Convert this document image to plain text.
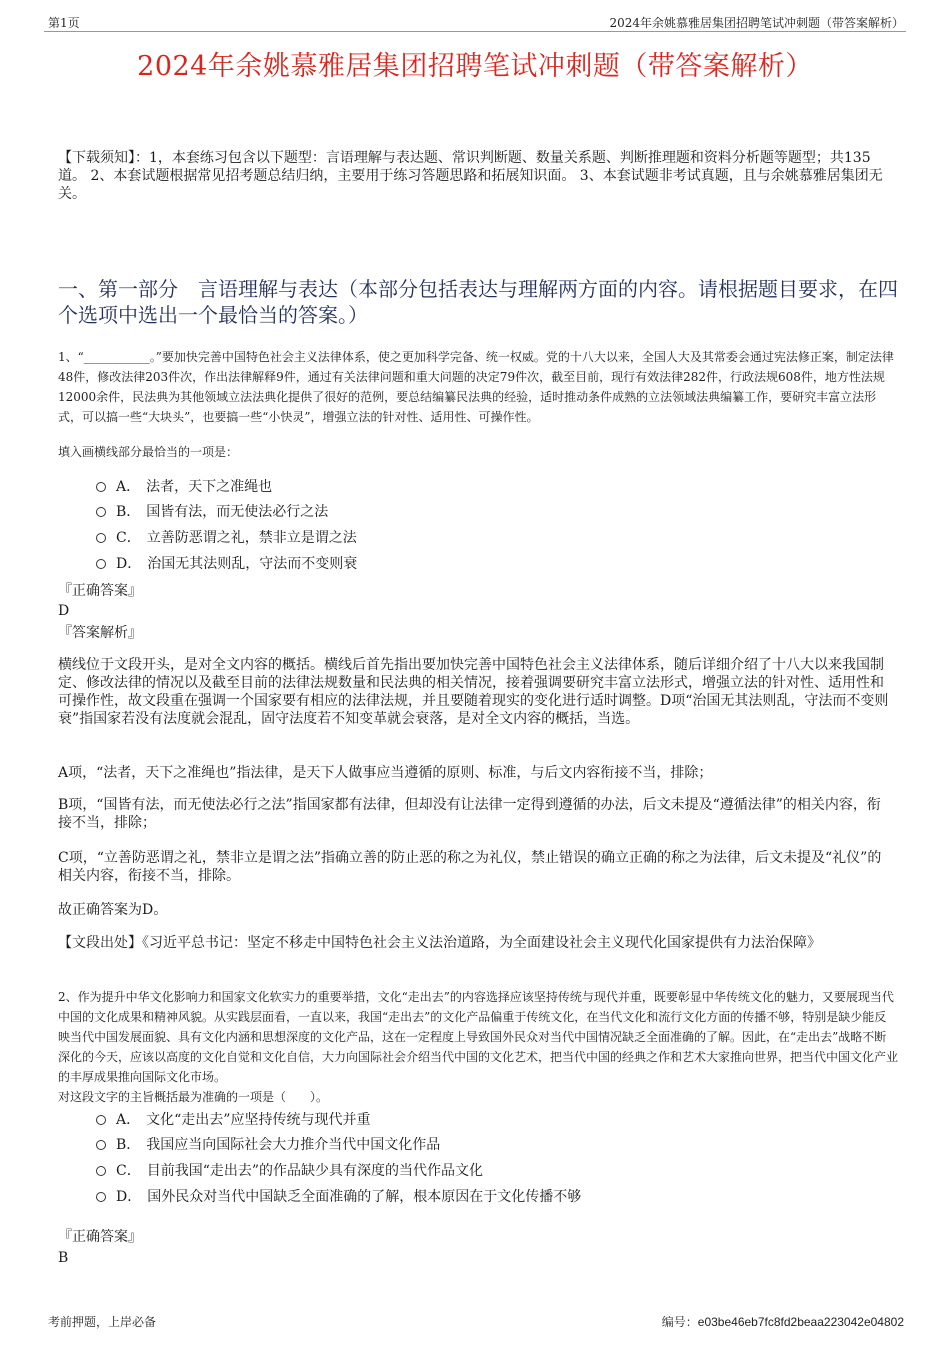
第1页	2024年余姚慕雅居集团招聘笔试冲刺题（带答案解析）
2024年余姚慕雅居集团招聘笔试冲刺题（带答案解析）
【下载须知】：1，本套练习包含以下题型：言语理解与表达题、常识判断题、数量关系题、判断推理题和资料分析题等题型；共135道。 2、本套试题根据常见招考题总结归纳，主要用于练习答题思路和拓展知识面。 3、本套试题非考试真题，且与余姚慕雅居集团无关。
一、第一部分　言语理解与表达（本部分包括表达与理解两方面的内容。请根据题目要求，在四个选项中选出一个最恰当的答案。）
1、“___________。”要加快完善中国特色社会主义法律体系，使之更加科学完备、统一权威。党的十八大以来，全国人大及其常委会通过宪法修正案，制定法律48件，修改法律203件次，作出法律解释9件，通过有关法律问题和重大问题的决定79件次，截至目前，现行有效法律282件，行政法规608件，地方性法规12000余件，民法典为其他领域立法法典化提供了很好的范例，要总结编纂民法典的经验，适时推动条件成熟的立法领域法典编纂工作，要研究丰富立法形式，可以搞一些“大块头”，也要搞一些“小快灵”，增强立法的针对性、适用性、可操作性。
填入画横线部分最恰当的一项是：
A． 法者，天下之准绳也
B． 国皆有法，而无使法必行之法
C． 立善防恶谓之礼，禁非立是谓之法
D． 治国无其法则乱，守法而不变则衰
『正确答案』
D
『答案解析』
横线位于文段开头，是对全文内容的概括。横线后首先指出要加快完善中国特色社会主义法律体系，随后详细介绍了十八大以来我国制定、修改法律的情况以及截至目前的法律法规数量和民法典的相关情况，接着强调要研究丰富立法形式，增强立法的针对性、适用性和可操作性，故文段重在强调一个国家要有相应的法律法规，并且要随着现实的变化进行适时调整。D项“治国无其法则乱，守法而不变则衰”指国家若没有法度就会混乱，固守法度若不知变革就会衰落，是对全文内容的概括，当选。
A项，“法者，天下之准绳也”指法律，是天下人做事应当遵循的原则、标准，与后文内容衔接不当，排除；
B项，“国皆有法，而无使法必行之法”指国家都有法律，但却没有让法律一定得到遵循的办法，后文未提及“遵循法律”的相关内容，衔接不当，排除；
C项，“立善防恶谓之礼，禁非立是谓之法”指确立善的防止恶的称之为礼仪，禁止错误的确立正确的称之为法律，后文未提及“礼仪”的相关内容，衔接不当，排除。
故正确答案为D。
【文段出处】《习近平总书记：坚定不移走中国特色社会主义法治道路，为全面建设社会主义现代化国家提供有力法治保障》
2、作为提升中华文化影响力和国家文化软实力的重要举措，文化“走出去”的内容选择应该坚持传统与现代并重，既要彰显中华传统文化的魅力，又要展现当代中国的文化成果和精神风貌。从实践层面看，一直以来，我国“走出去”的文化产品偏重于传统文化，在当代文化和流行文化方面的传播不够，特别是缺少能反映当代中国发展面貌、具有文化内涵和思想深度的文化产品，这在一定程度上导致国外民众对当代中国情况缺乏全面准确的了解。因此，在“走出去”战略不断深化的今天，应该以高度的文化自觉和文化自信，大力向国际社会介绍当代中国的文化艺术，把当代中国的经典之作和艺术大家推向世界，把当代中国文化产业的丰厚成果推向国际文化市场。
对这段文字的主旨概括最为准确的一项是（　　）。
A． 文化“走出去”应坚持传统与现代并重
B． 我国应当向国际社会大力推介当代中国文化作品
C． 目前我国“走出去”的作品缺少具有深度的当代作品文化
D． 国外民众对当代中国缺乏全面准确的了解，根本原因在于文化传播不够
『正确答案』
B
考前押题，上岸必备	编号：e03be46eb7fc8fd2beaa223042e04802
